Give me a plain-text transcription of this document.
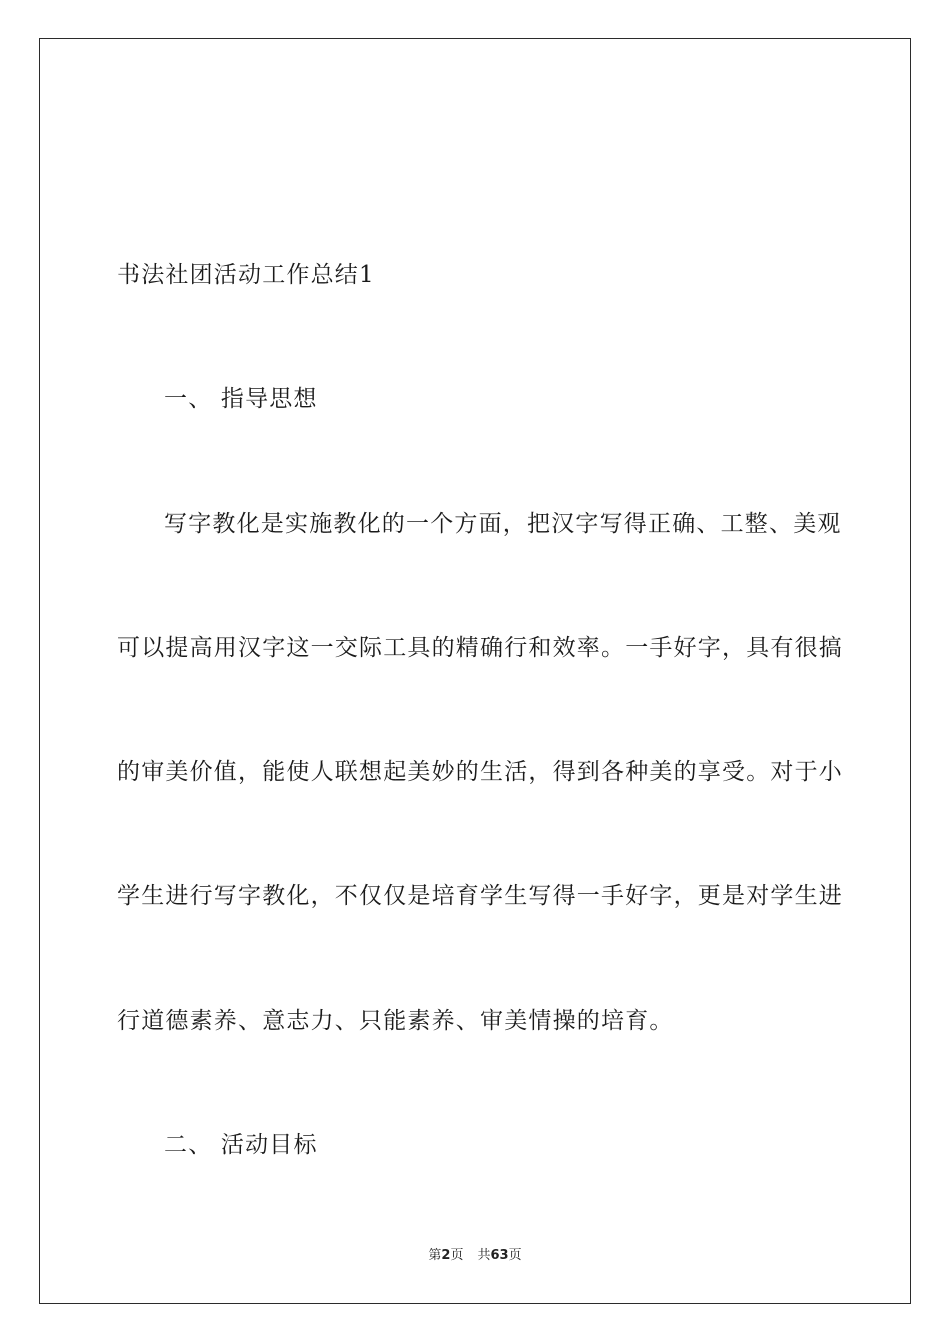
书法社团活动工作总结1
一、 指导思想
写字教化是实施教化的一个方面，把汉字写得正确、工整、美观
可以提高用汉字这一交际工具的精确行和效率。一手好字，具有很搞
的审美价值，能使人联想起美妙的生活，得到各种美的享受。对于小
学生进行写字教化，不仅仅是培育学生写得一手好字，更是对学生进
行道德素养、意志力、只能素养、审美情操的培育。
二、 活动目标
第2页 共63页
